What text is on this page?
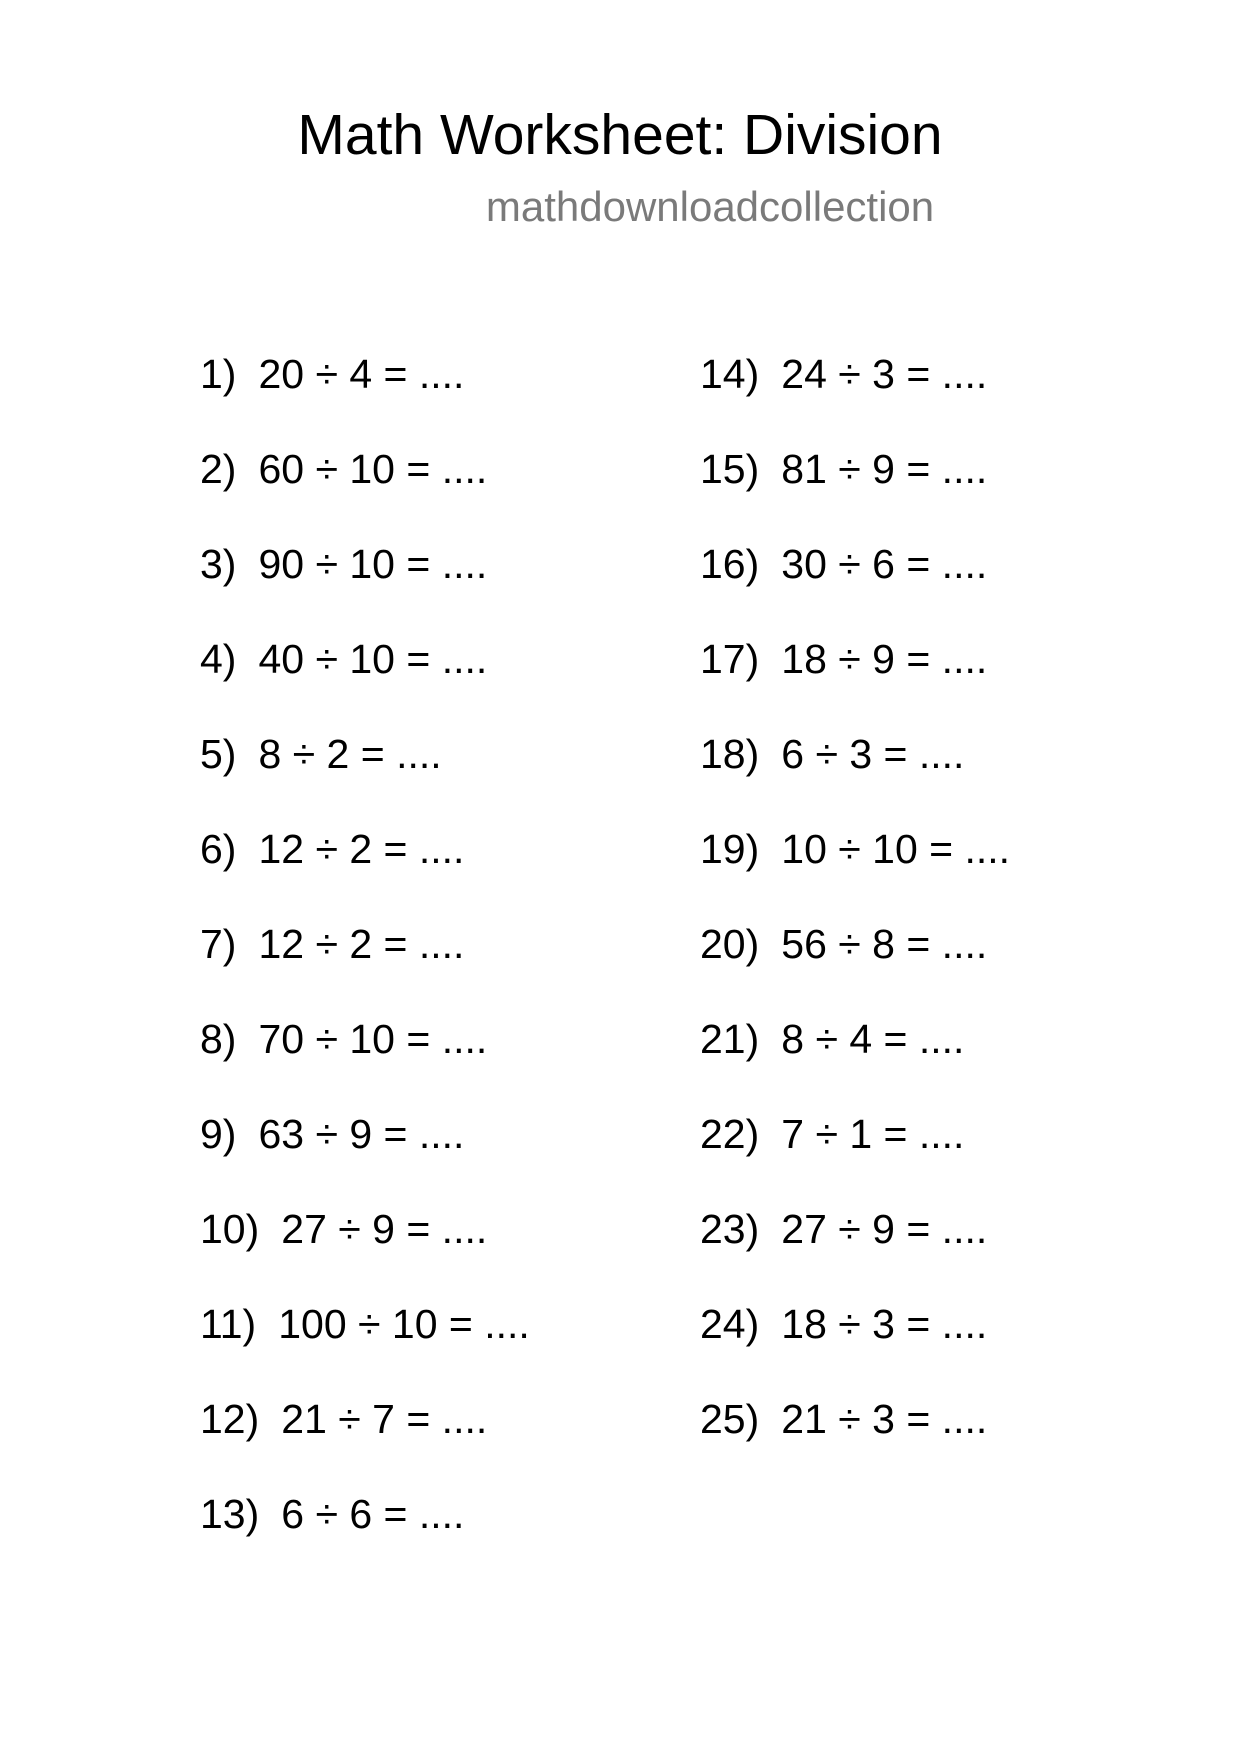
Math Worksheet: Division
mathdownloadcollection
1) 20 ÷ 4 = ....
2) 60 ÷ 10 = ....
3) 90 ÷ 10 = ....
4) 40 ÷ 10 = ....
5) 8 ÷ 2 = ....
6) 12 ÷ 2 = ....
7) 12 ÷ 2 = ....
8) 70 ÷ 10 = ....
9) 63 ÷ 9 = ....
10) 27 ÷ 9 = ....
11) 100 ÷ 10 = ....
12) 21 ÷ 7 = ....
13) 6 ÷ 6 = ....
14) 24 ÷ 3 = ....
15) 81 ÷ 9 = ....
16) 30 ÷ 6 = ....
17) 18 ÷ 9 = ....
18) 6 ÷ 3 = ....
19) 10 ÷ 10 = ....
20) 56 ÷ 8 = ....
21) 8 ÷ 4 = ....
22) 7 ÷ 1 = ....
23) 27 ÷ 9 = ....
24) 18 ÷ 3 = ....
25) 21 ÷ 3 = ....
